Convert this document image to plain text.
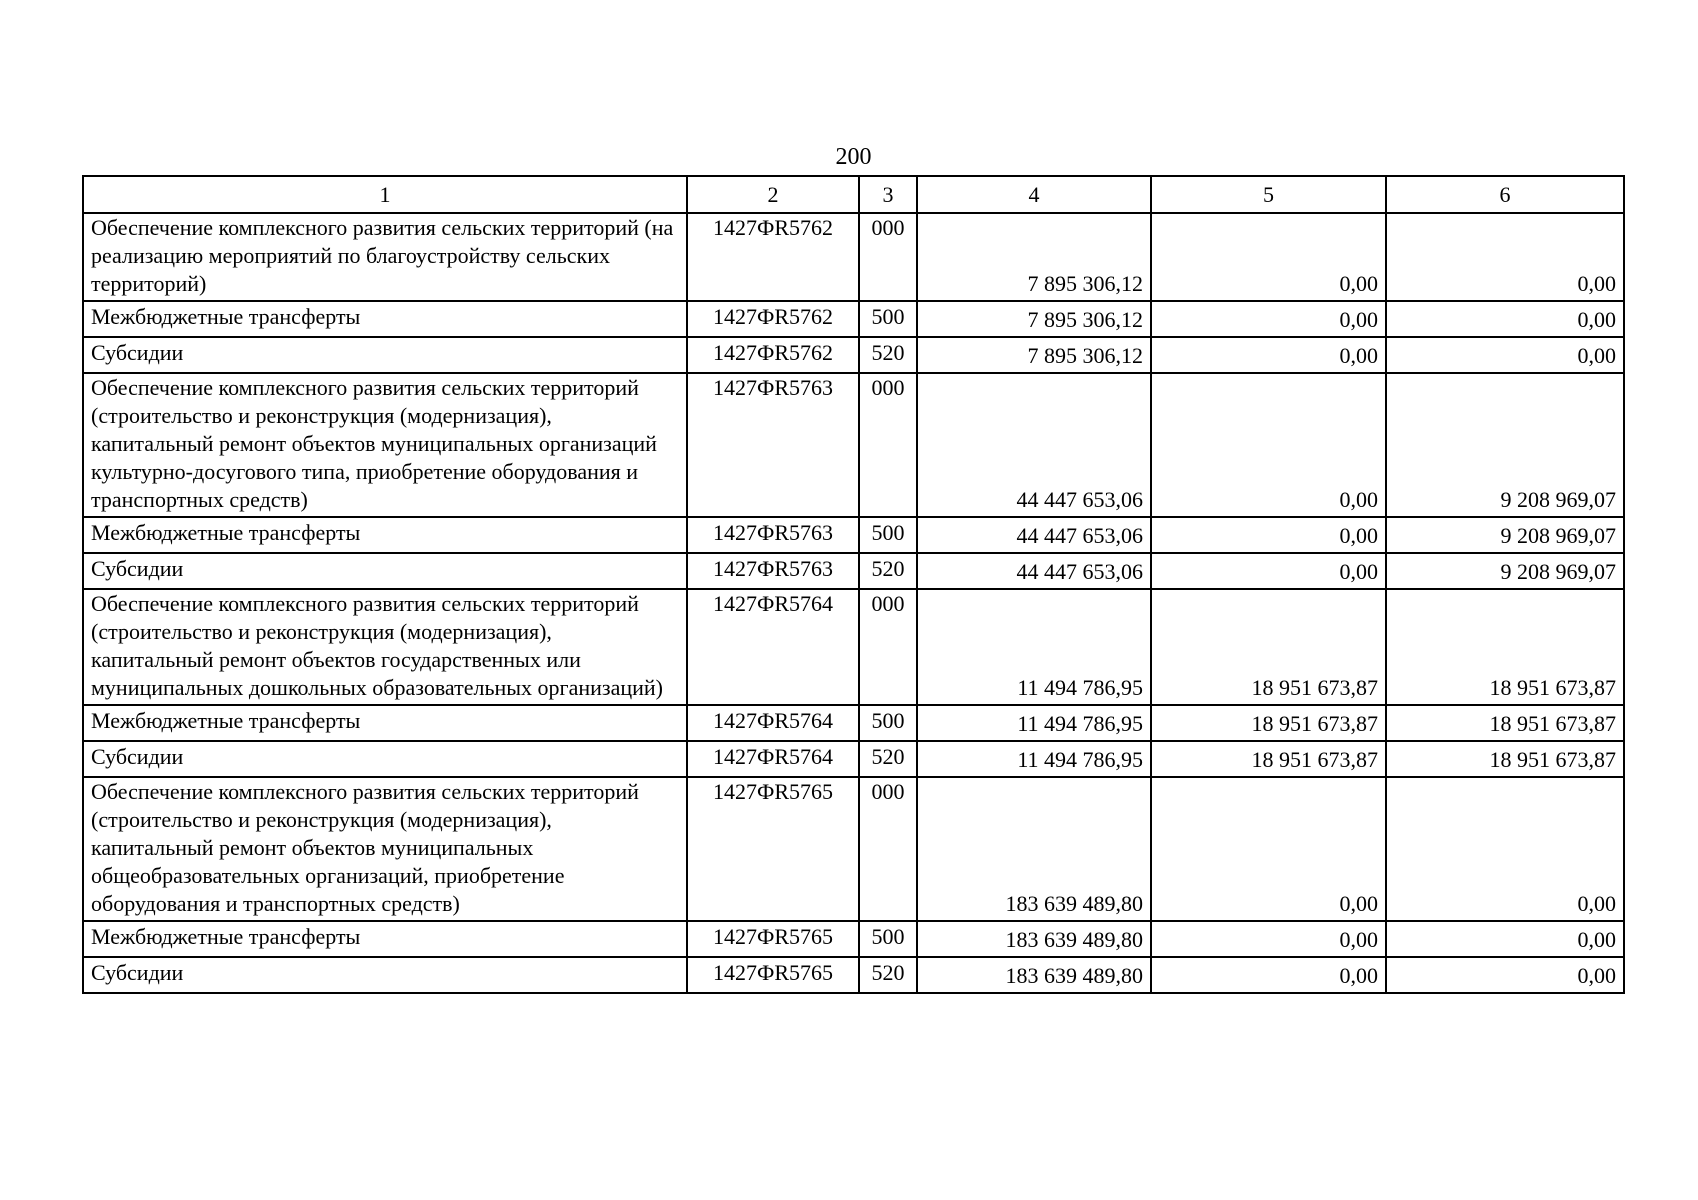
200
1	2	3	4	5	6
Обеспечение комплексного развития сельских территорий (на реализацию мероприятий по благоустройству сельских территорий)	1427ФR5762	000	7 895 306,12	0,00	0,00
Межбюджетные трансферты	1427ФR5762	500	7 895 306,12	0,00	0,00
Субсидии	1427ФR5762	520	7 895 306,12	0,00	0,00
Обеспечение комплексного развития сельских территорий (строительство и реконструкция (модернизация), капитальный ремонт объектов муниципальных организаций культурно-досугового типа, приобретение оборудования и транспортных средств)	1427ФR5763	000	44 447 653,06	0,00	9 208 969,07
Межбюджетные трансферты	1427ФR5763	500	44 447 653,06	0,00	9 208 969,07
Субсидии	1427ФR5763	520	44 447 653,06	0,00	9 208 969,07
Обеспечение комплексного развития сельских территорий (строительство и реконструкция (модернизация), капитальный ремонт объектов государственных или муниципальных дошкольных образовательных организаций)	1427ФR5764	000	11 494 786,95	18 951 673,87	18 951 673,87
Межбюджетные трансферты	1427ФR5764	500	11 494 786,95	18 951 673,87	18 951 673,87
Субсидии	1427ФR5764	520	11 494 786,95	18 951 673,87	18 951 673,87
Обеспечение комплексного развития сельских территорий (строительство и реконструкция (модернизация), капитальный ремонт объектов муниципальных общеобразовательных организаций, приобретение оборудования и транспортных средств)	1427ФR5765	000	183 639 489,80	0,00	0,00
Межбюджетные трансферты	1427ФR5765	500	183 639 489,80	0,00	0,00
Субсидии	1427ФR5765	520	183 639 489,80	0,00	0,00
